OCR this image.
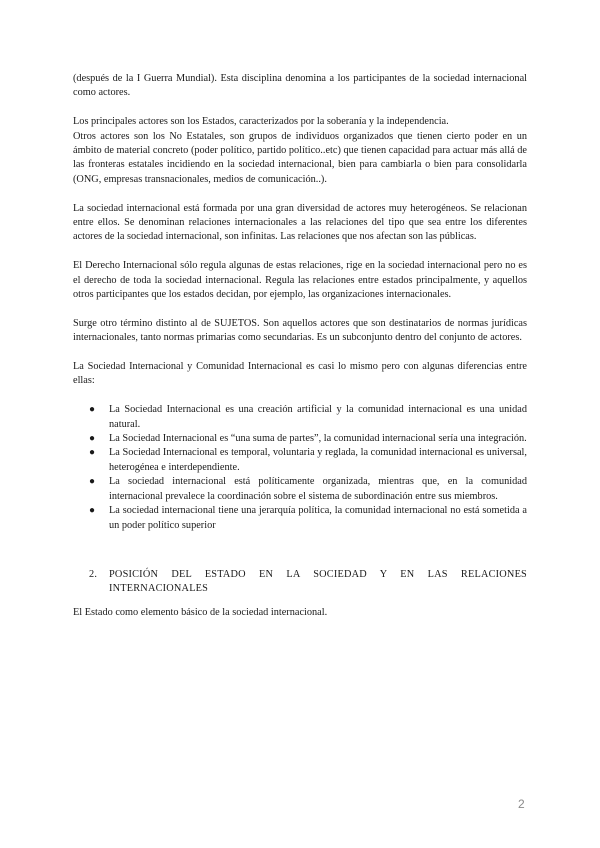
(después de la I Guerra Mundial). Esta disciplina denomina a los participantes de la sociedad internacional como actores.

Los principales actores son los Estados, caracterizados por la soberanía y la independencia.

Otros actores son los No Estatales, son grupos de individuos organizados que tienen cierto poder en un ámbito de material concreto (poder político, partido político..etc) que tienen capacidad para actuar más allá de las fronteras estatales incidiendo en la sociedad internacional, bien para cambiarla o bien para consolidarla (ONG, empresas transnacionales, medios de comunicación..).

La sociedad internacional está formada por una gran diversidad de actores muy heterogéneos. Se relacionan entre ellos. Se denominan relaciones internacionales a las relaciones del tipo que sea entre los diferentes actores de la sociedad internacional, son infinitas. Las relaciones que nos afectan son las públicas.

El Derecho Internacional sólo regula algunas de estas relaciones, rige en la sociedad internacional pero no es el derecho de toda la sociedad internacional. Regula las relaciones entre estados principalmente, y aquellos otros participantes que los estados decidan, por ejemplo, las organizaciones internacionales.

Surge otro término distinto al de SUJETOS. Son aquellos actores que son destinatarios de normas jurídicas internacionales, tanto normas primarias como secundarias. Es un subconjunto dentro del conjunto de actores.

La Sociedad Internacional y Comunidad Internacional es casi lo mismo pero con algunas diferencias entre ellas:

● La Sociedad Internacional es una creación artificial y la comunidad internacional es una unidad natural.
● La Sociedad Internacional es “una suma de partes”, la comunidad internacional sería una integración.
● La Sociedad Internacional es temporal, voluntaria y reglada, la comunidad internacional es universal, heterogénea e interdependiente.
● La sociedad internacional está políticamente organizada, mientras que, en la comunidad internacional prevalece la coordinación sobre el sistema de subordinación entre sus miembros.
● La sociedad internacional tiene una jerarquía política, la comunidad internacional no está sometida a un poder político superior
2. POSICIÓN DEL ESTADO EN LA SOCIEDAD Y EN LAS RELACIONES INTERNACIONALES

El Estado como elemento básico de la sociedad internacional.

2
